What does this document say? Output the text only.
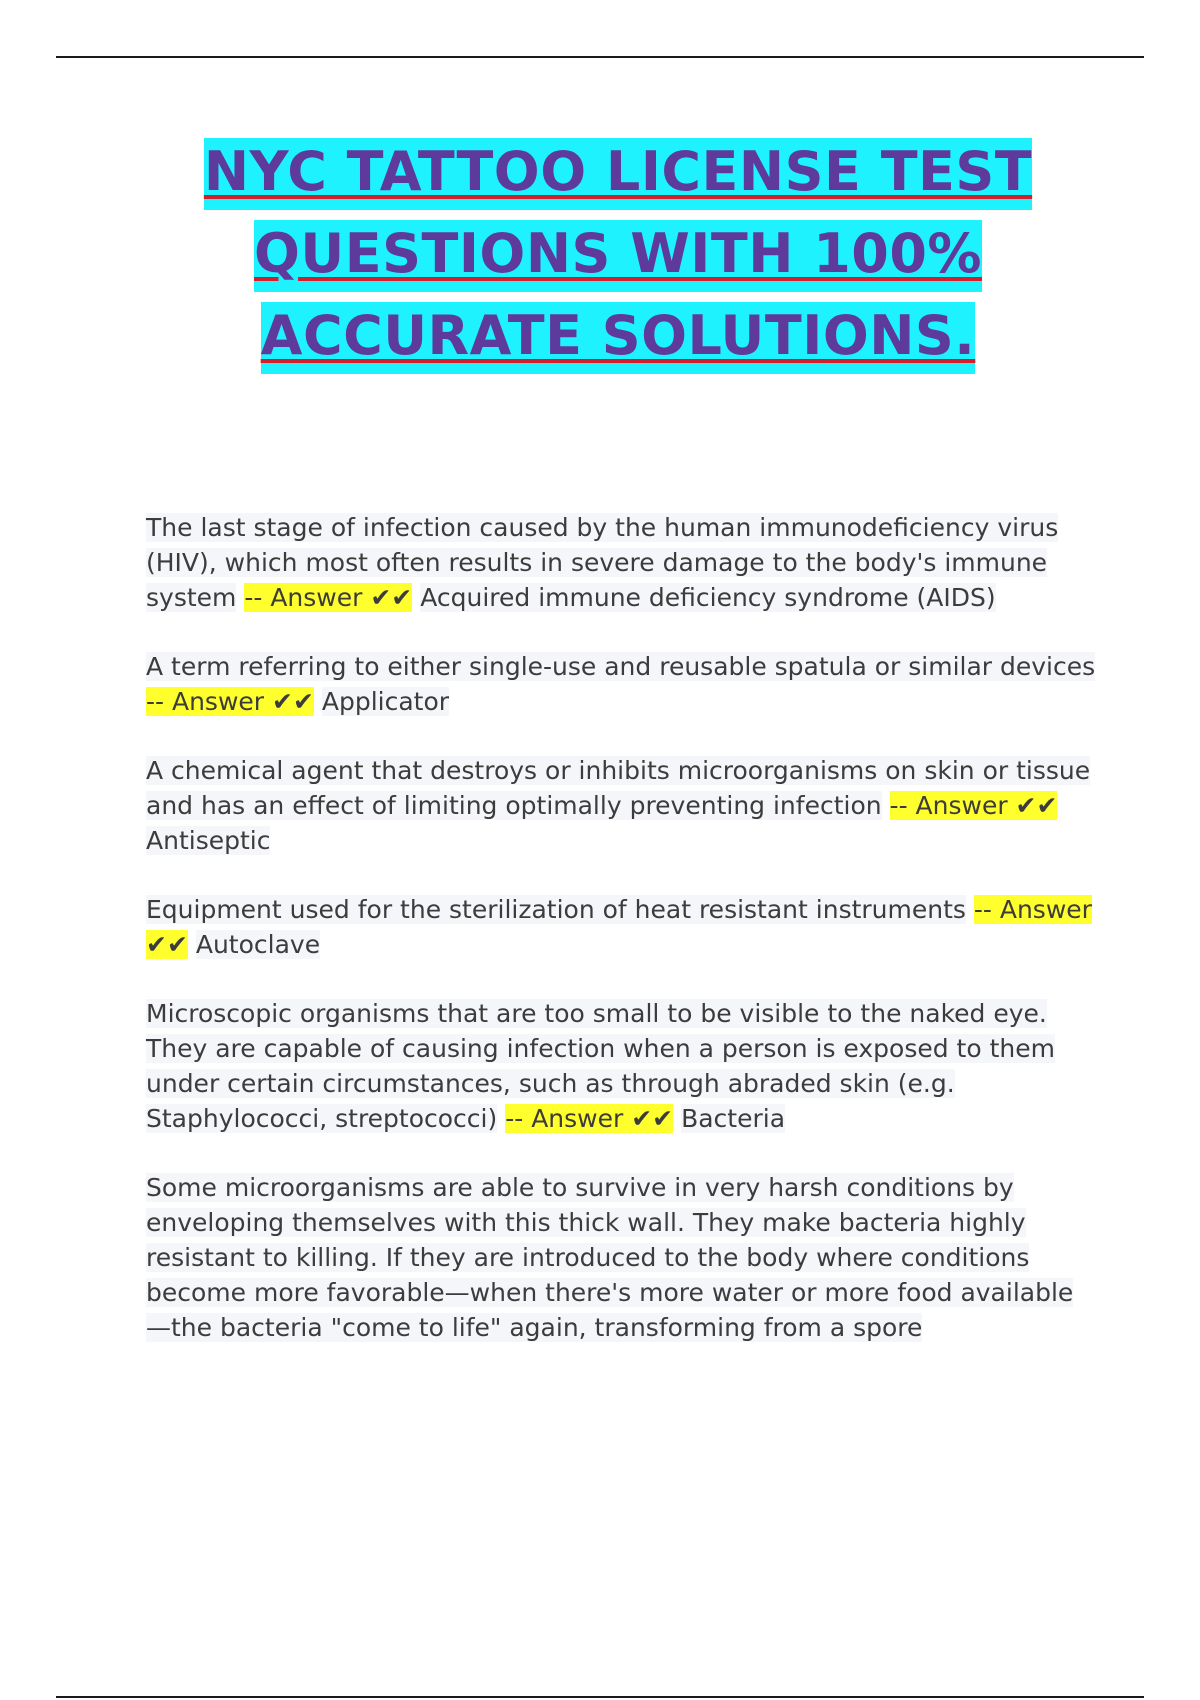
NYC TATTOO LICENSE TEST
QUESTIONS WITH 100%
ACCURATE SOLUTIONS.

The last stage of infection caused by the human immunodeficiency virus (HIV), which most often results in severe damage to the body's immune system -- Answer ✔✔ Acquired immune deficiency syndrome (AIDS)

A term referring to either single-use and reusable spatula or similar devices -- Answer ✔✔ Applicator

A chemical agent that destroys or inhibits microorganisms on skin or tissue and has an effect of limiting optimally preventing infection -- Answer ✔✔ Antiseptic

Equipment used for the sterilization of heat resistant instruments -- Answer ✔✔ Autoclave

Microscopic organisms that are too small to be visible to the naked eye. They are capable of causing infection when a person is exposed to them under certain circumstances, such as through abraded skin (e.g. Staphylococci, streptococci) -- Answer ✔✔ Bacteria

Some microorganisms are able to survive in very harsh conditions by enveloping themselves with this thick wall. They make bacteria highly resistant to killing. If they are introduced to the body where conditions become more favorable—when there's more water or more food available—the bacteria "come to life" again, transforming from a spore
